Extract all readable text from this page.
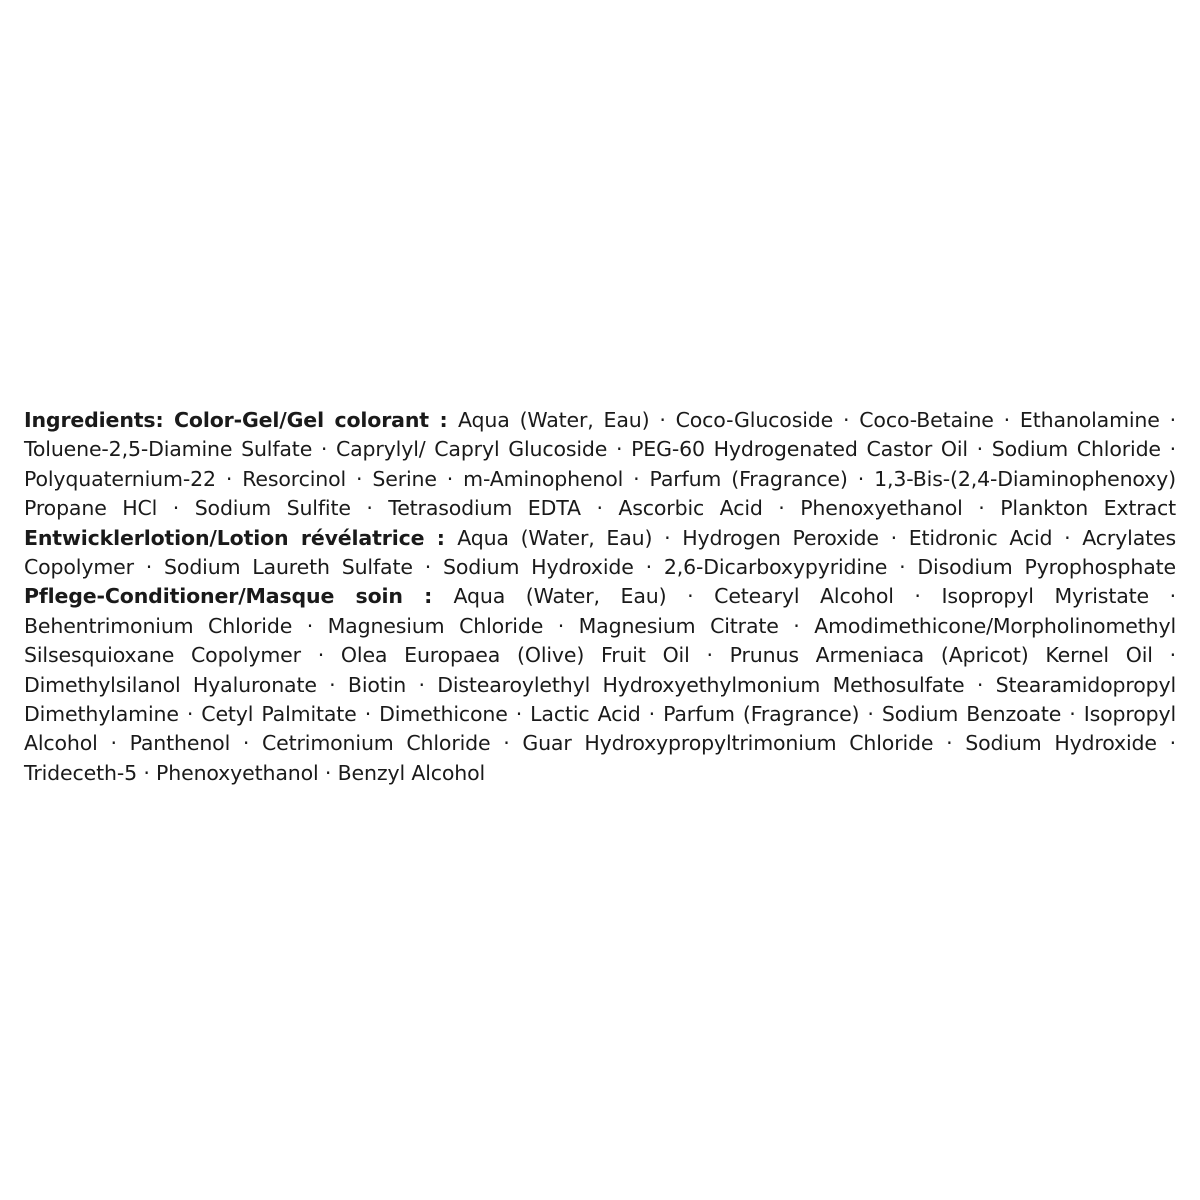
Ingredients: Color-Gel/Gel colorant : Aqua (Water, Eau) · Coco-Glucoside · Coco-Betaine · Ethanolamine · Toluene-2,5-Diamine Sulfate · Caprylyl/ Capryl Glucoside · PEG-60 Hydrogenated Castor Oil · Sodium Chloride · Polyquaternium-22 · Resorcinol · Serine · m-Aminophenol · Parfum (Fragrance) · 1,3-Bis-(2,4-Diaminophenoxy) Propane HCl · Sodium Sulfite · Tetrasodium EDTA · Ascorbic Acid · Phenoxyethanol · Plankton Extract Entwicklerlotion/Lotion révélatrice : Aqua (Water, Eau) · Hydrogen Peroxide · Etidronic Acid · Acrylates Copolymer · Sodium Laureth Sulfate · Sodium Hydroxide · 2,6-Dicarboxypyridine · Disodium Pyrophosphate Pflege-Conditioner/Masque soin : Aqua (Water, Eau) · Cetearyl Alcohol · Isopropyl Myristate · Behentrimonium Chloride · Magnesium Chloride · Magnesium Citrate · Amodimethicone/Morpholinomethyl Silsesquioxane Copolymer · Olea Europaea (Olive) Fruit Oil · Prunus Armeniaca (Apricot) Kernel Oil · Dimethylsilanol Hyaluronate · Biotin · Distearoylethyl Hydroxyethylmonium Methosulfate · Stearamidopropyl Dimethylamine · Cetyl Palmitate · Dimethicone · Lactic Acid · Parfum (Fragrance) · Sodium Benzoate · Isopropyl Alcohol · Panthenol · Cetrimonium Chloride · Guar Hydroxypropyltrimonium Chloride · Sodium Hydroxide · Trideceth-5 · Phenoxyethanol · Benzyl Alcohol
